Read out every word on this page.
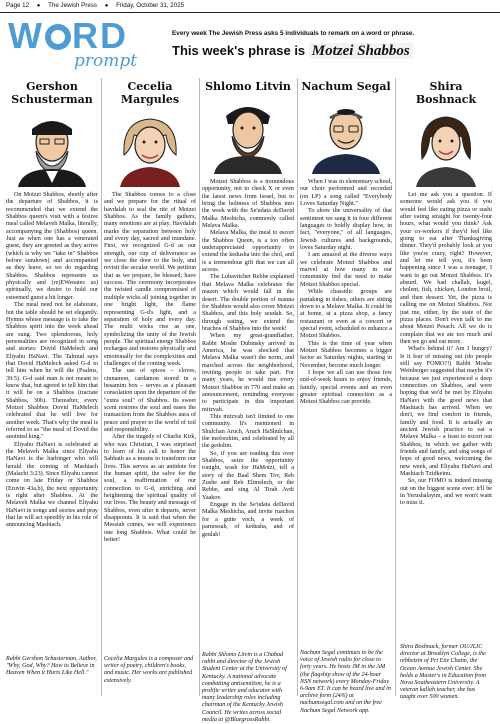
Page 12 ● The Jewish Press ● Friday, October 31, 2025
W RD
prompt
Every week The Jewish Press asks 5 individuals to remark on a word or phrase.
This week's phrase is Motzei Shabbos
Gershon Schusterman

On Motzei Shabbos, shortly after the departure of Shabbos, it is recommended that we extend the Shabbos queen's visit with a festive meal called Melaveh Malka, literally, accompanying the (Shabbos) queen. Just as when one has a venerated guest, they are greeted as they arrive (which is why we "take in" Shabbos before sundown) and accompanied as they leave, so we do regarding Shabbos. Shabbos represents us physically and (re)EWenates us) spiritually, we desire to hold our esteemed guest a bit longer.

The meal need not be elaborate, but the table should be set elegantly. Hymns whose message is to take the Shabbos spirit into the week ahead are sung. Two splendorous, holy personalities are recognized in song and stories: Dovid HaMelech and Eliyahu HaNavi. The Talmud says that Dovid HaMelech asked G-d to tell him when he will die (Psalms, 39:5). G-d said man is not meant to know that, but agreed to tell him that it will be on a Shabbos (tractate Shabbos, 30b). Thereafter, every Motzei Shabbos Dovid HaMelech celebrated that he will live for another week. That's why the meal is referred to as "the meal of Dovid the anointed king."

Eliyahu HaNavi is celebrated at the Melaveh Malka since Eliyahu HaNavi is the harbinger who will herald the coming of Mashiach (Malachi 3:23). Since Eliyahu cannot come on late Friday or Shabbos (Eruvin 43a,b), the next opportunity is right after Shabbos. At the Melaveh Malka we channel Eliyahu HaNavi in songs and stories and pray that he will act speedily in his role of announcing Mashiach.

Rabbi Gershon Schusterman, Author, "Why, God, Why? How to Believe in Heaven When it Hurts Like Hell."
Cecelia Margules

The Shabbos comes to a close and we prepare for the ritual of havdalah to seal the rite of Motzei Shabbos. As the family gathers, many emotions are at play. Havdalah marks the separation between holy and every day, sacred and mundane. First, we recognized G-d as our strength, our cup of deliverance as we close the door to the holy, and revisit the secular world. We petition that as we prepare, be blessed; have success. The ceremony incorporates the twisted candle compromised of multiple wicks all joining together in one bright light, the flame representing G-d's light, and a separation of holy and every day. The multi wicks rise as one, symbolizing the unity of the Jewish people. The spiritual energy Shabbos recharges and restores physically and emotionally for the complexities and challenges of the coming week.

The use of spices – cloves, cinnamon, cardamon stored in a besamim box – serves as a pleasant consolation upon the departure of the "extra soul" of Shabbos. Its sweet scent restores the soul and eases the transaction from the Shabbos aura of peace and prayer to the world of toil and responsibility.

After the tragedy of Charlie Kirk, who was Christian, I was surprised to learn of his call to honor the Sabbath as a means to transform our lives. This serves as an antidote for the human spirit, the salve for the soul, a reaffirmation of our connection to G-d, enriching and heightening the spiritual quality of our lives. The beauty and message of Shabbos, even after it departs, never disappoints. It is said that when the Messiah comes, we will experience one long Shabbos. What could be better!

Cecelia Margules is a composer and writer of poetry, children's books, and music. Her works are published extensively.
Shlomo Litvin

Motzei Shabbos is a tremendous opportunity, not to check X or even the latest news from Israel, but to bring the holiness of Shabbos into the week with the Se'udata deDavid Malka Meshicha, commonly called Melava Malka.

Melava Malka, the meal to escort the Shabbos Queen, is a too often underappreciated opportunity to extend the kedusha into the chol, and is a tremendous gift that we can all access.

The Lubavitcher Rebbe explained that Melava Malka celebrates the mazen which would fall in the desert. The double portion of manna for Shabbos would also cover Motzei Shabbos, and this holy seudah. So, through eating, we extend the brachos of Shabbos into the week!

When my great-grandfather, Rabbi Moshe Dubinsky arrived in America, he was shocked that Melava Malka wasn't the norm, and marched across the neighborhood, inviting people to take part. For many years, he would rise every Motzei Shabbos in 770 and make an announcement, reminding everyone to participate in this important mitzvah.

This mitzvah isn't limited to one community. It's mentioned in Shulchan Aruch, Aruch HaShulchan, the meforshim, and celebrated by all the gedolim.

So, if you are reading this over Shabbos, seize the opportunity tonight, wash for HaMotzi, tell a story of the Baal Shem Tov, Reb Zushe and Reb Elimelech, or the Rebbe, and sing Al Tirah Avdi Yaakov.

Engage in the Se'udata deDavid Malka Meshicha, and invite ruachos for a gutte voch, a week of parnossah, of kedusha, and of geulah!

Rabbi Shlomo Litvin is a Chabad rabbi and director of the Jewish Student Center at the University of Kentucky. A national advocate combatting antisemitism, he is a prolific writer and educator with many leadership roles including chairman of the Kentucky Jewish Council. He writes across social media at @BluegrassRabbi.
Nachum Segal

When I was in elementary school, our choir performed and recorded (on LP) a song called "Everybody Loves Saturday Night."

To show the universality of that sentiment we sang it in four different languages to boldly display how, in fact, "everyone," of all languages, Jewish cultures and backgrounds, loves Saturday night.

I am amazed at the diverse ways we celebrate Motzei Shabbos and marvel at how many in our community feel the need to make Motzei Shabbos special.

While chassidic groups are partaking in tishes, others are sitting down to a Melave Malka. It could be at home, at a pizza shop, a fancy restaurant or even at a concert or special event, scheduled to enhance a Motzei Shabbos.

This is the time of year when Motzei Shabbos becomes a bigger factor as Saturday nights, starting in November, become much longer.

I hope we all can use those few end-of-week hours to enjoy friends, family, special events and an even greater spiritual connection as a Motzei Shabbos can provide.

Nachum Segal continues to be the voice of Jewish radio for close to forty years. He hosts JM in the AM (the flagship show of the 24-hour NSN network) every Monday-Friday 6-9am ET. It can be heard live and in archive form (24/6) at nachumsegal.com and on the free Nachum Segal Network app.
Shira Boshnack

Let me ask you a question. If someone would ask you if you would feel like eating pizza or sushi after eating straight for twenty-four hours, what would you think? Ask your co-workers if they'd feel like going to eat after Thanksgiving dinner. They'd probably look at you like you're crazy, right? However, and let me tell you, it's been happening since I was a teenager, I want to go out Motzei Shabbos. It's absurd. We had challah, kugel, cholent, fish, chicken, London broil, and then dessert. Yet, the pizza is calling me on Motzei Shabbos. Not just me, either, by the state of the pizza places. Don't even talk to me about Motzei Pesach. All we do is complain that we ate too much and then we go and eat more.

What's behind it? Am I hungry? Is it fear of missing out (do people still say FOMO?!) Rabbi Moshe Weinberger suggested that maybe it's because we just experienced a deep connection on Shabbos, and were hoping that we'd be met by Eliyahu HaNavi with the good news that Mashiach has arrived. When we don't, we find comfort in friends, family and food. It is actually an ancient Jewish practice to eat a Melave Malka – a feast to escort out Shabbos, in which we gather with friends and family, and sing songs of hope of good news, welcoming the new week, and Eliyahu HaNavi and Mashiach Tzidkeinu.

So, our FOMO is indeed missing out on the biggest scene ever; it'll be in Yerushalayim, and we won't want to miss it.

Shira Boshnack, former OU/JLIC director at Brooklyn College, is the rebbetzin of Pri Eitz Chaim, the Ocean Avenue Jewish Center. She holds a Master's in Education from Nova Southeastern University. A veteran kallah teacher, she has taught over 500 women.
